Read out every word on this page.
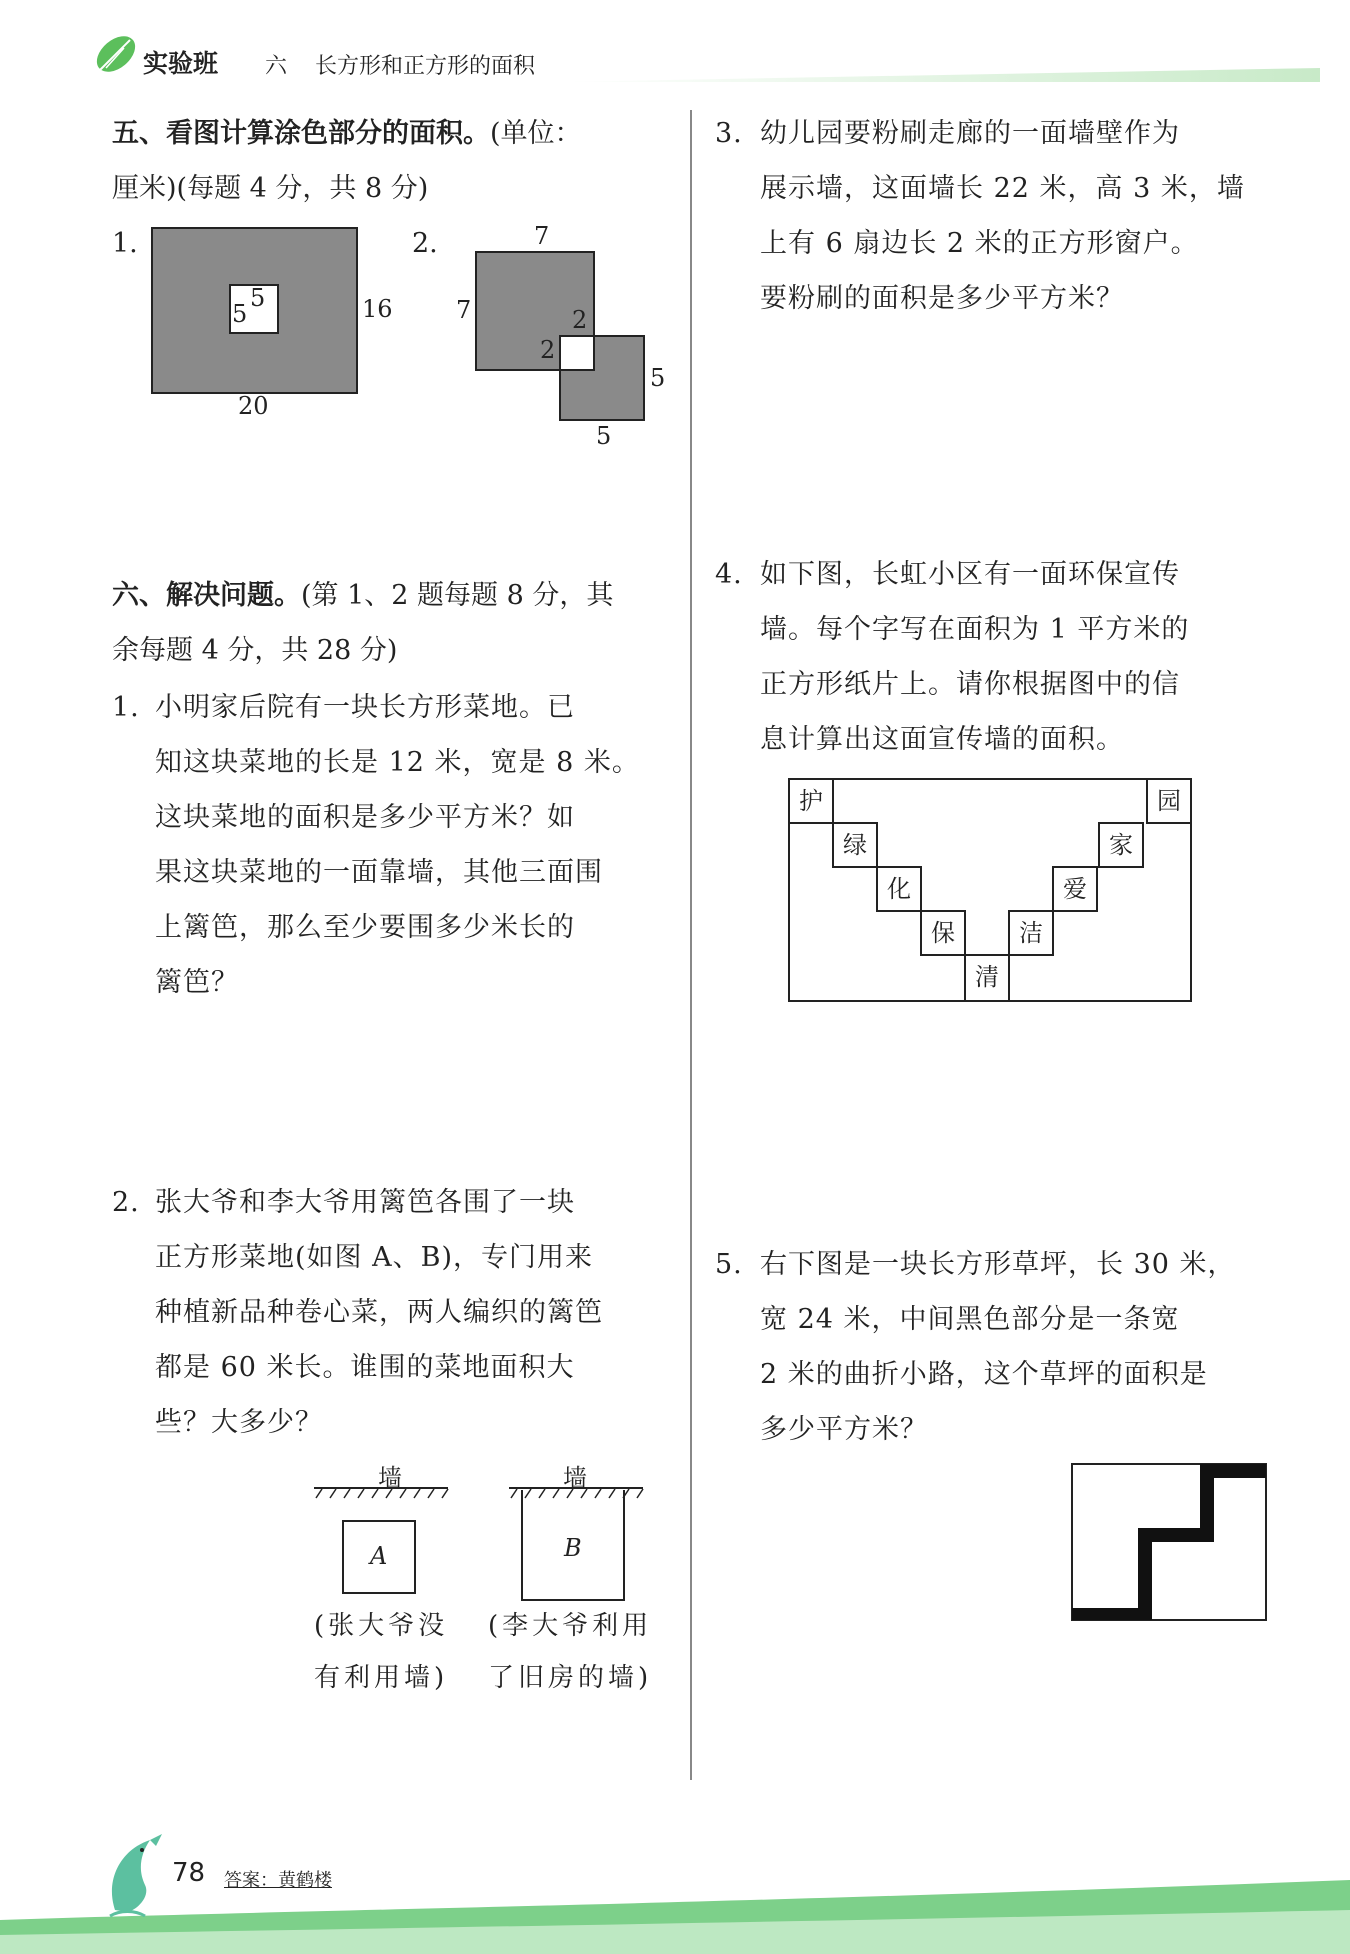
实验班 六 长方形和正方形的面积
五、看图计算涂色部分的面积。(单位：
厘米)(每题 4 分，共 8 分)
1.
5
5	16
20
2.	7
7	2
2
5
5
六、解决问题。(第 1、2 题每题 8 分，其
余每题 4 分，共 28 分)
1. 小明家后院有一块长方形菜地。已
知这块菜地的长是 12 米，宽是 8 米。
这块菜地的面积是多少平方米？如
果这块菜地的一面靠墙，其他三面围
上篱笆，那么至少要围多少米长的
篱笆？
2. 张大爷和李大爷用篱笆各围了一块
正方形菜地(如图 A、B)，专门用来
种植新品种卷心菜，两人编织的篱笆
都是 60 米长。谁围的菜地面积大
些？大多少？
墙
A
墙
B
(张大爷没
有利用墙)
(李大爷利用
了旧房的墙)
3. 幼儿园要粉刷走廊的一面墙壁作为
展示墙，这面墙长 22 米，高 3 米，墙
上有 6 扇边长 2 米的正方形窗户。
要粉刷的面积是多少平方米？
4. 如下图，长虹小区有一面环保宣传
墙。每个字写在面积为 1 平方米的
正方形纸片上。请你根据图中的信
息计算出这面宣传墙的面积。
护
绿
化
保
清
洁
爱
家
园
5. 右下图是一块长方形草坪，长 30 米，
宽 24 米，中间黑色部分是一条宽
2 米的曲折小路，这个草坪的面积是
多少平方米？
78 答案：黄鹤楼
